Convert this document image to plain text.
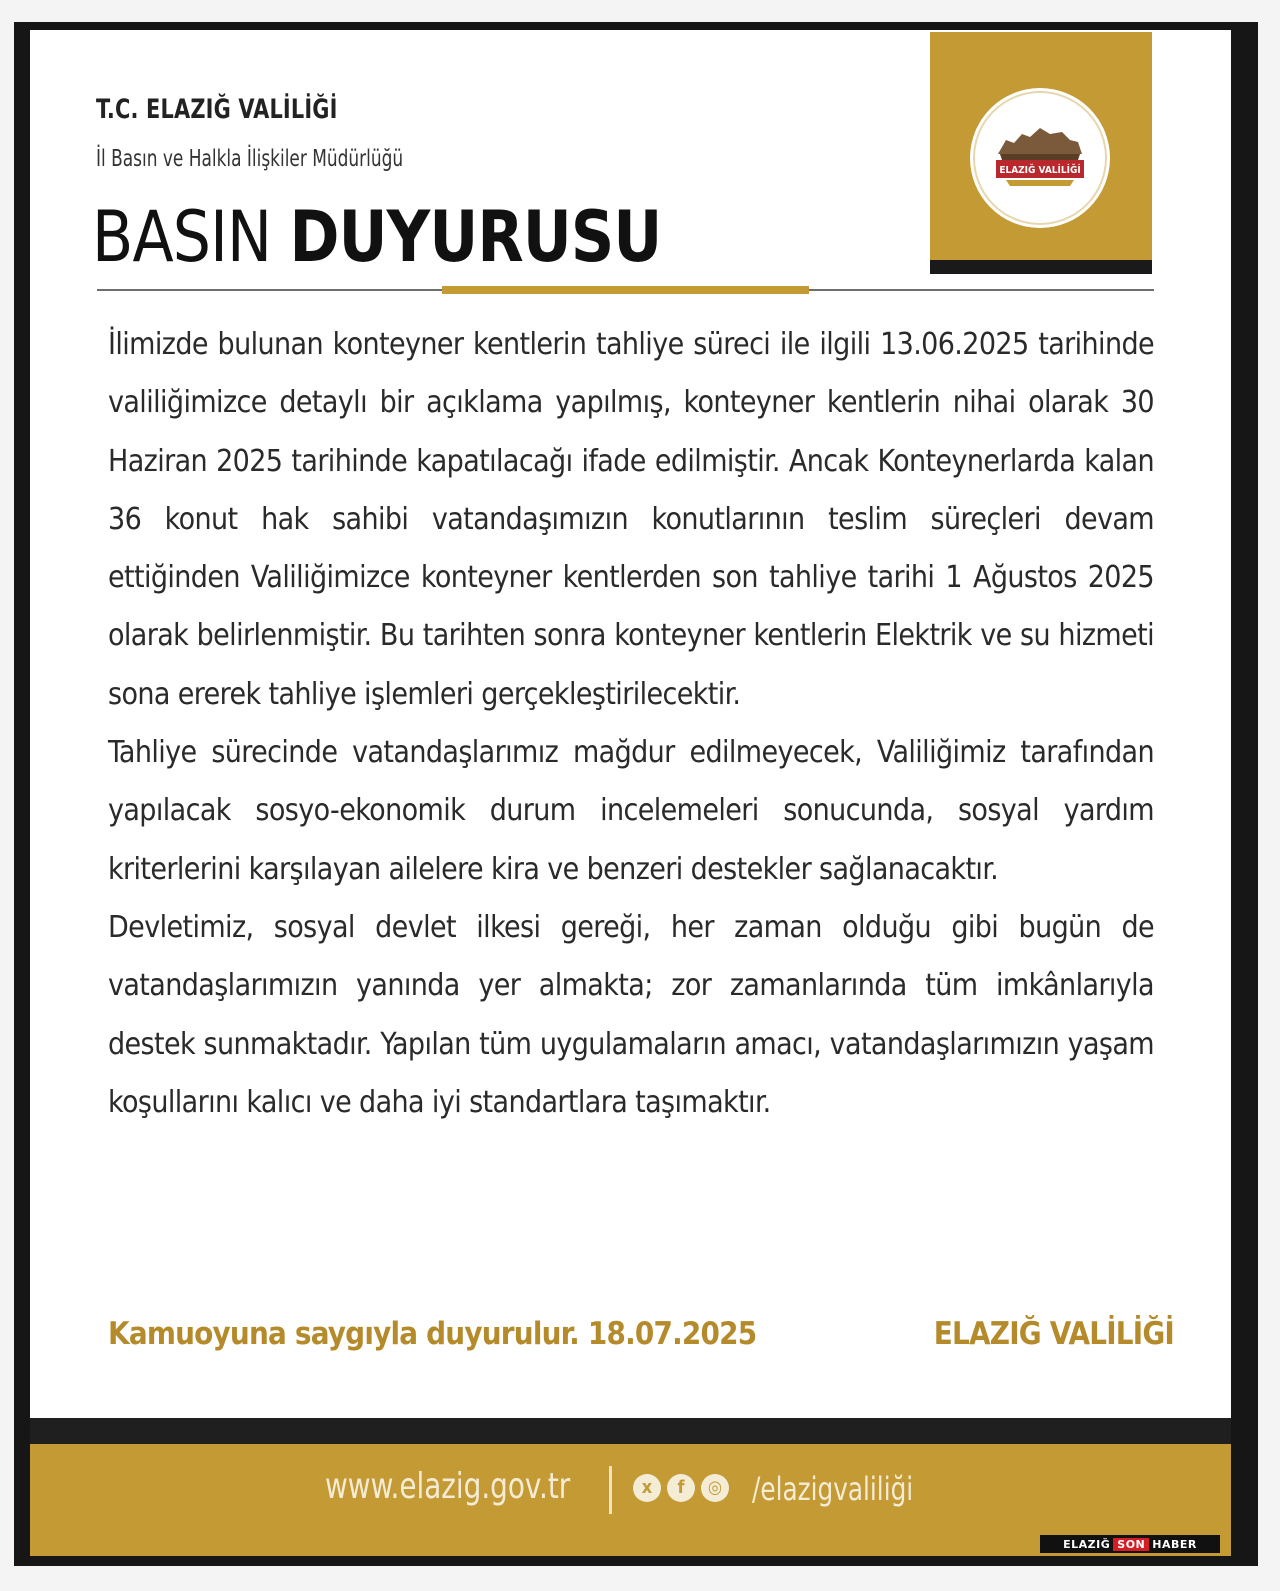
T.C. ELAZIĞ VALİLİĞİ
İl Basın ve Halkla İlişkiler Müdürlüğü
BASIN DUYURUSU
ELAZIĞ VALİLİĞİ

İlimizde bulunan konteyner kentlerin tahliye süreci ile ilgili 13.06.2025 tarihinde valiliğimizce detaylı bir açıklama yapılmış, konteyner kentlerin nihai olarak 30 Haziran 2025 tarihinde kapatılacağı ifade edilmiştir. Ancak Konteynerlarda kalan 36 konut hak sahibi vatandaşımızın konutlarının teslim süreçleri devam ettiğinden Valiliğimizce konteyner kentlerden son tahliye tarihi 1 Ağustos 2025 olarak belirlenmiştir. Bu tarihten sonra konteyner kentlerin Elektrik ve su hizmeti sona ererek tahliye işlemleri gerçekleştirilecektir.

Tahliye sürecinde vatandaşlarımız mağdur edilmeyecek, Valiliğimiz tarafından yapılacak sosyo-ekonomik durum incelemeleri sonucunda, sosyal yardım kriterlerini karşılayan ailelere kira ve benzeri destekler sağlanacaktır.

Devletimiz, sosyal devlet ilkesi gereği, her zaman olduğu gibi bugün de vatandaşlarımızın yanında yer almakta; zor zamanlarında tüm imkânlarıyla destek sunmaktadır. Yapılan tüm uygulamaların amacı, vatandaşlarımızın yaşam koşullarını kalıcı ve daha iyi standartlara taşımaktır.

Kamuoyuna saygıyla duyurulur. 18.07.2025	ELAZIĞ VALİLİĞİ
www.elazig.gov.tr	x	f	◎ /elazigvaliliği
ELAZIĞ SON HABER
